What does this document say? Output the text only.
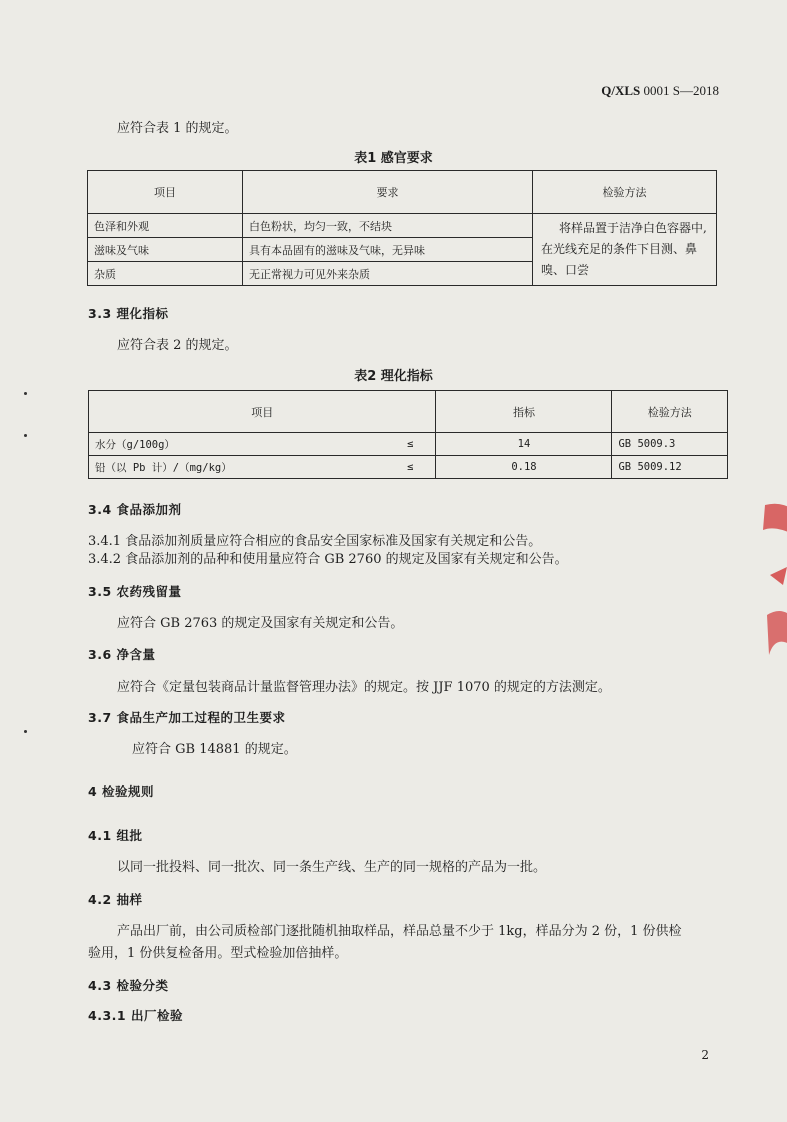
Q/XLS 0001 S—2018
应符合表 1 的规定。
表1 感官要求
项目	要求	检验方法
色泽和外观	白色粉状，均匀一致，不结块	将样品置于洁净白色容器中,
在光线充足的条件下目测、鼻
嗅、口尝

滋味及气味	具有本品固有的滋味及气味，无异味	
杂质	无正常视力可见外来杂质	
3.3 理化指标
应符合表 2 的规定。
表2 理化指标
项目		指标	检验方法
水分（g/100g）	≤	14	GB 5009.3
铅（以 Pb 计）/（mg/kg）	≤	0.18	GB 5009.12
3.4 食品添加剂
3.4.1 食品添加剂质量应符合相应的食品安全国家标准及国家有关规定和公告。
3.4.2 食品添加剂的品种和使用量应符合 GB 2760 的规定及国家有关规定和公告。
3.5 农药残留量
应符合 GB 2763 的规定及国家有关规定和公告。
3.6 净含量
应符合《定量包装商品计量监督管理办法》的规定。按 JJF 1070 的规定的方法测定。
3.7 食品生产加工过程的卫生要求
应符合 GB 14881 的规定。
4 检验规则
4.1 组批
以同一批投料、同一批次、同一条生产线、生产的同一规格的产品为一批。
4.2 抽样
产品出厂前，由公司质检部门逐批随机抽取样品，样品总量不少于 1kg，样品分为 2 份，1 份供检
验用，1 份供复检备用。型式检验加倍抽样。
4.3 检验分类
4.3.1 出厂检验
2
